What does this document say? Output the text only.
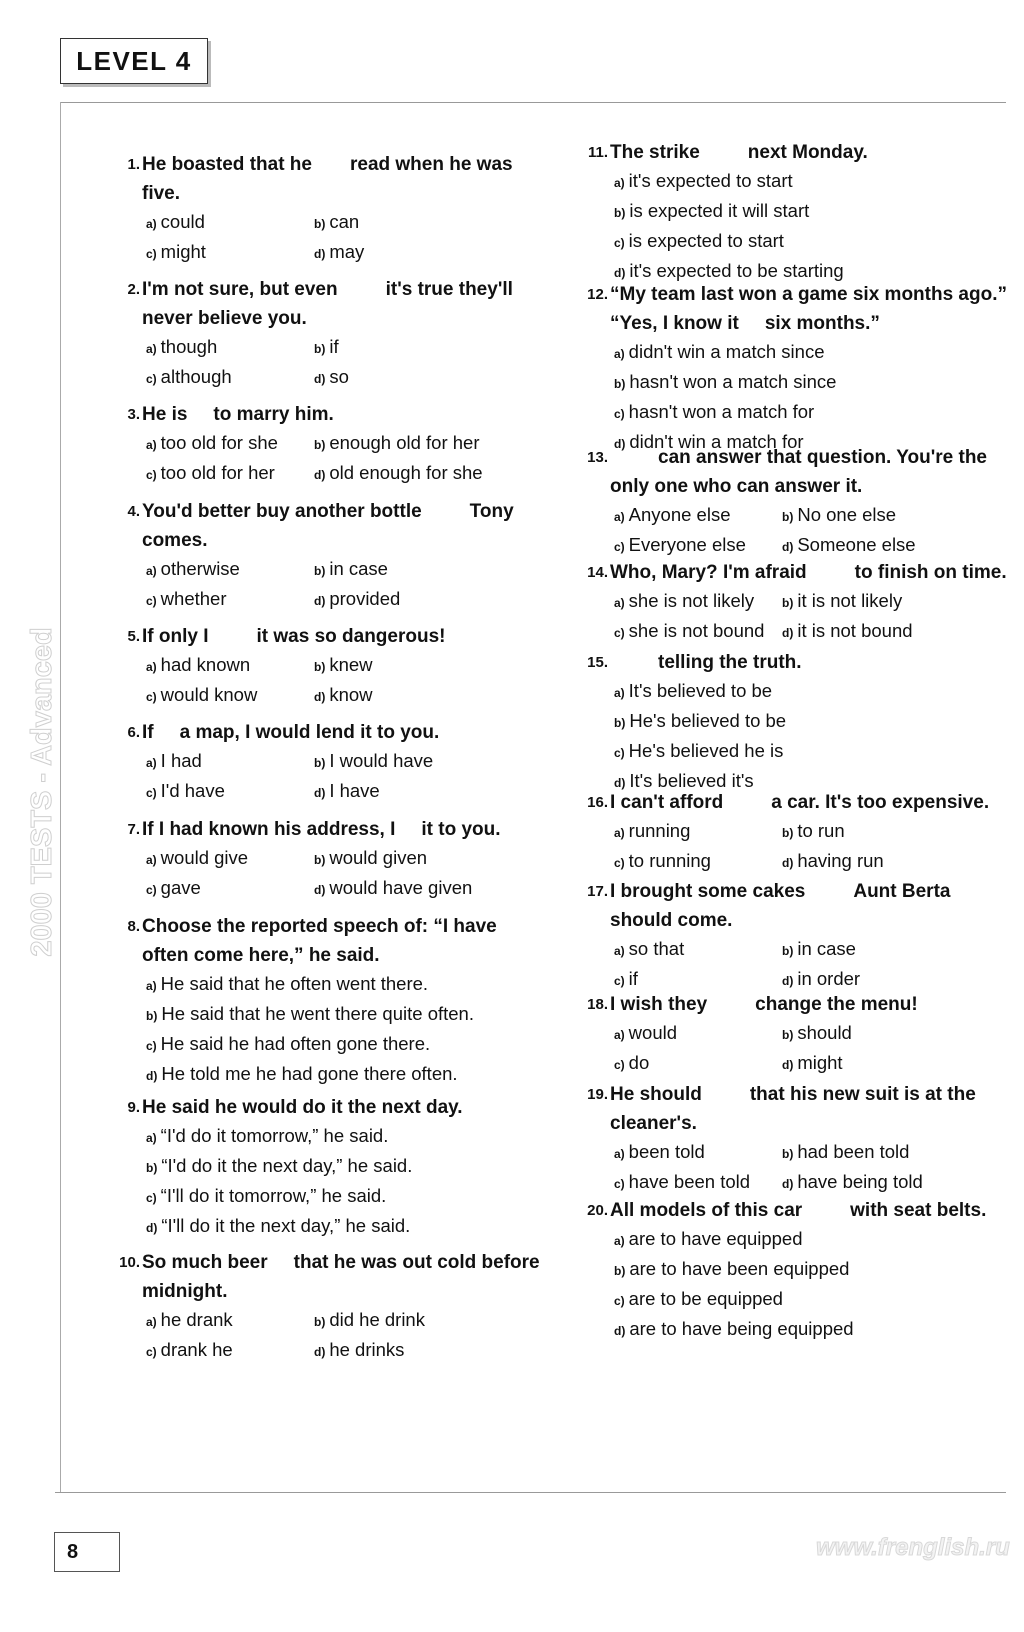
LEVEL 4
2000 TESTS - Advanced
1. He boasted that he read when he was five.
a) could	b) can
c) might	d) may
2. I'm not sure, but even	it's true they'll never believe you.
a) though	b) if
c) although	d) so
3. He is to marry him.
a) too old for she	b) enough old for her
c) too old for her	d) old enough for she
4. You'd better buy another bottle	Tony comes.
a) otherwise	b) in case
c) whether	d) provided
5. If only I	it was so dangerous!
a) had known	b) knew
c) would know	d) know
6. If a map, I would lend it to you.
a) I had	b) I would have
c) I'd have	d) I have
7. If I had known his address, I it to you.
a) would give	b) would given
c) gave	d) would have given
8. Choose the reported speech of: “I have often come here,” he said.
a) He said that he often went there.
b) He said that he went there quite often.
c) He said he had often gone there.
d) He told me he had gone there often.
9. He said he would do it the next day.
a) “I'd do it tomorrow,” he said.
b) “I'd do it the next day,” he said.
c) “I'll do it tomorrow,” he said.
d) “I'll do it the next day,” he said.
10. So much beer that he was out cold before midnight.
a) he drank	b) did he drink
c) drank he	d) he drinks
11. The strike	next Monday.
a) it's expected to start
b) is expected it will start
c) is expected to start
d) it's expected to be starting
12. “My team last won a game six months ago.” “Yes, I know it six months.”
a) didn't win a match since
b) hasn't won a match since
c) hasn't won a match for
d) didn't win a match for
13.	can answer that question. You're the only one who can answer it.
a) Anyone else	b) No one else
c) Everyone else	d) Someone else
14. Who, Mary? I'm afraid	to finish on time.
a) she is not likely	b) it is not likely
c) she is not bound	d) it is not bound
15.	telling the truth.
a) It's believed to be
b) He's believed to be
c) He's believed he is
d) It's believed it's
16. I can't afford	a car. It's too expensive.
a) running	b) to run
c) to running	d) having run
17. I brought some cakes	Aunt Berta should come.
a) so that	b) in case
c) if	d) in order
18. I wish they	change the menu!
a) would	b) should
c) do	d) might
19. He should	that his new suit is at the cleaner's.
a) been told	b) had been told
c) have been told	d) have being told
20. All models of this car	with seat belts.
a) are to have equipped
b) are to have been equipped
c) are to be equipped
d) are to have being equipped
8	www.frenglish.ru
